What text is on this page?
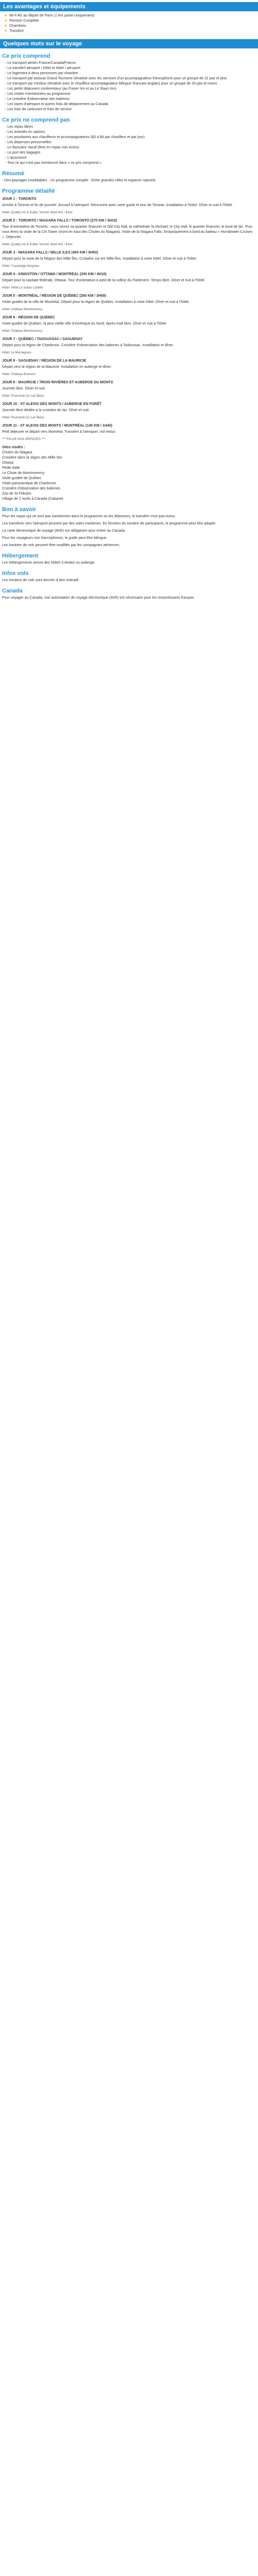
Les avantages et équipements
★ Wi-fi 4G au départ de Paris (1 ère partie uniquement)
★ Pension Complète
★ Chambres
★ Transfert
Quelques mots sur le voyage
Ce prix comprend
- Le transport aérien France/Canada/France
- Le transfert aéroport / hôtel et hôtel / aéroport
- Le logement à deux personnes par chambre
- Le transport par autocar Grand Tourisme climatisé avec les services d'un accompagnateur francophone pour un groupe de 22 pax et plus
- Le transport par minibus climatisé avec le chauffeur-accompagnateur bilingue (francais-anglais) pour un groupe de 20 pax et moins
- Les petits déjeuners continentaux (au Fraser Inn et au Le Stays Inn)
- Les visites mentionnées au programme
- Le croisière d'observation des baleines
- Les taxes d'aéroport et autres frais de déplacement au Canada
- Les frais de carburant et frais de service
Ce prix ne comprend pas
- Les repas libres
- Les activités en options
- Les pourboires aux chauffeurs et accompagnateurs ($3 à $4 par chauffeur et par jour)
- Les dépenses personnelles
- Le Bancaire Vacaf (fées en repas non inclus)
- Le port des bagages
- L'assurance
- Tout ce qui n'est pas mentionné dans « ce prix comprend »
Résumé
- Des paysages inoubliables - Un programme complet - Entre grandes villes et espaces naturels.
Programme détaillé
JOUR 1 - TORONTO
Arrivée à Toronto et fin de journée. Accueil à l'aéroport. Rencontre avec votre guide et tour de Toronto. Installation à l'hôtel. Dîner et nuit à l'hôtel.
Hôtel: Quality Inn & Suites Toronto West 401 / Etob.
JOUR 2 - TORONTO / NIAGARA FALLS / TORONTO (270 KM / 3H10)
Tour d'orientation de Toronto : vous verrez sa quartier financier et Old City Hall, la cathédrale St Michael, le City Hall, le quartier financier, le bord de lac. Puis vous ferez la visite de la CN Tower (mont en haut des Chutes du Niagara). Visite de la Niagara Falls. Embarquement à bord du bateau « Hornblower Cruises ». Déjeuner.
Hôtel: Quality Inn & Suites Toronto West 401 / Etob.
JOUR 3 - NIAGARA FALLS / MILLE ILES (450 KM / 5H50)
Départ pour la route de la Région des Mille Îles. Croisière sur les Mille-Îles. Installation à votre hôtel. Dîner et nuit à l'hôtel.
Hôtel: Travelodge Kingston
JOUR 4 - KINGSTON / OTTAWA / MONTRÉAL (330 KM / 4H10)
Départ pour la capitale fédérale, Ottawa. Tour d'orientation à pied de la colline du Parlement. Temps libre. Dîner et nuit à l'hôtel.
Hôtel: Hôtel Le Suites Lobellé
JOUR 5 - MONTRÉAL / RÉGION DE QUÉBEC (260 KM / 3H00)
Visite guidée de la ville de Montréal. Départ pour la région de Québec. Installation à votre hôtel. Dîner et nuit à l'hôtel.
Hôtel: Château Montmorency
JOUR 6 - RÉGION DE QUÉBEC
Visite guidée de Québec, la plus vieille ville d'Amérique du Nord. Après-midi libre. Dîner et nuit à l'hôtel.
Hôtel: Château Montmorency
JOUR 7 - QUÉBEC / TADOUSSAC / SAGUENAY
Départ pour la région de Charlevoix. Croisière d'observation des baleines à Tadoussac. Installation et dîner.
Hôtel: Le Montagnais
JOUR 8 - SAGUENAY / RÉGION DE LA MAURICIE
Départ vers la région de la Mauricie. Installation en auberge et dîner.
Hôtel: Chateau Bromont
JOUR 9 - MAURICIE / TROIS-RIVIÈRES ET AUBERGE DU MONTS
Journée libre. Dîner et nuit.
Hôtel: Pourvoirie Du Lac Blanc
JOUR 10 - ST ALEXIS DES MONTS / AUBERGE EN FORÊT
Journée libre dédiée à la croisière du lac. Dîner et nuit.
Hôtel: Pourvoirie Du Lac Blanc
JOUR 11 - ST ALEXIS DES MONTS / MONTRÉAL (140 KM / 1H40)
Petit déjeuner et départ vers Montréal. Transfert à l'aéroport. Vol retour.
*** FIN DE NOS SERVICES ***
Sites visités :
Chutes du Niagara
Croisière dans la région des Mille Iles
Ottawa
Petite Italie
Le Chute de Montmorency
Visite guidée de Québec
Visite panoramique de Charlevoix
Croisière d'observation des baleines
Zoo de St Félicien
Village de 2 roulis à Canada (Cabane)
Bon à savoir
Pour les repas qui ne sont pas mentionnés dans le programme ou les déjeuners, le transfert n'est pas inclus.
Les transferts vers l'aéroport peuvent par des voies maritimes. En fonction du nombre de participants, le programme peut être adapté.
La carte électronique de voyage (AVE) est obligatoire pour entrer au Canada.
Pour les voyageurs non francophones, le guide peut être bilingue.
Les horaires de vols peuvent être modifiés par les compagnies aériennes.
Hébergement
Les hébergements seront des hôtels 3 étoiles ou auberge.
Infos vols
Les horaires de vols sont donnés à titre indicatif.
Canada
Pour voyager au Canada, une autorisation de voyage électronique (AVE) est nécessaire pour les ressortissants français.
